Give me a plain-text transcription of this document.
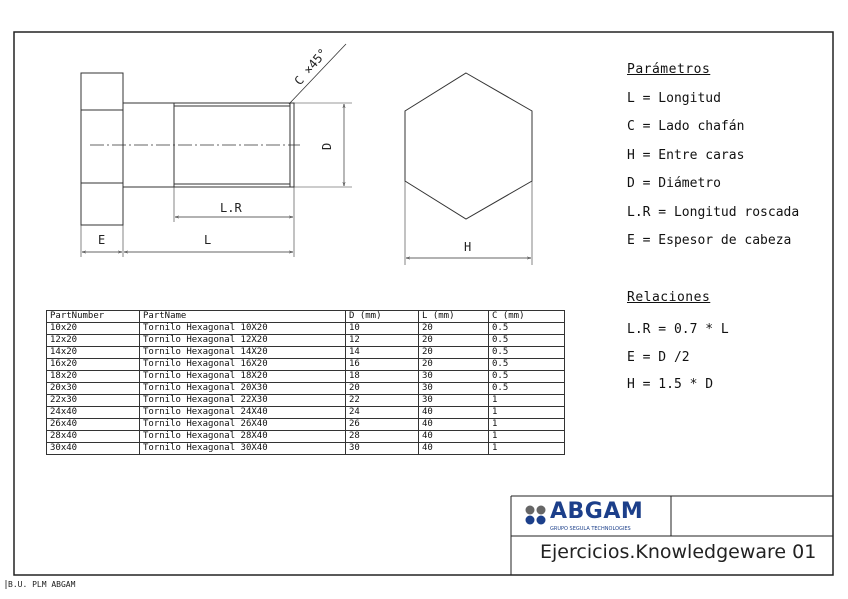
C ×45°
D
L.R
E	L	H
Parámetros
L = Longitud
C = Lado chafán
H = Entre caras
D = Diámetro
L.R = Longitud roscada
E = Espesor de cabeza
Relaciones
L.R = 0.7 * L
E = D /2
H = 1.5 * D
PartNumber	PartName	D (mm)	L (mm)	C (mm)
10x20	Tornilo Hexagonal 10X20	10	20	0.5
12x20	Tornilo Hexagonal 12X20	12	20	0.5
14x20	Tornilo Hexagonal 14X20	14	20	0.5
16x20	Tornilo Hexagonal 16X20	16	20	0.5
18x20	Tornilo Hexagonal 18X20	18	30	0.5
20x30	Tornilo Hexagonal 20X30	20	30	0.5
22x30	Tornilo Hexagonal 22X30	22	30	1
24x40	Tornilo Hexagonal 24X40	24	40	1
26x40	Tornilo Hexagonal 26X40	26	40	1
28x40	Tornilo Hexagonal 28X40	28	40	1
30x40	Tornilo Hexagonal 30X40	30	40	1
ABGAM
GRUPO SEGULA TECHNOLOGIES
Ejercicios.Knowledgeware 01
B.U. PLM ABGAM
